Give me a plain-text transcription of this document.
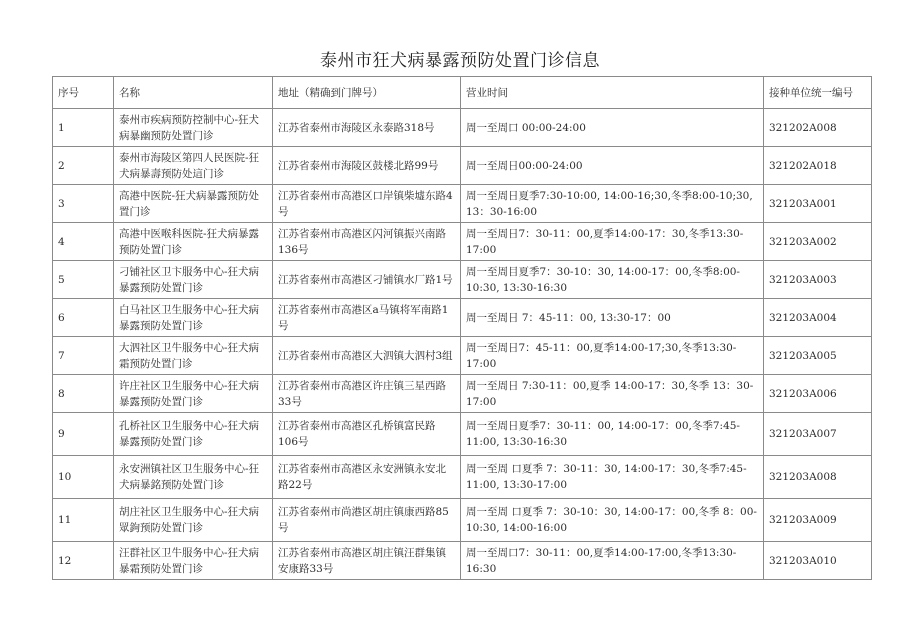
泰州市狂犬病暴露预防处置门诊信息
序号	名称	地址（精确到门牌号）	营业时间	接种单位统一编号
1	泰州市疾病预防控制中心-狂犬病暴幽预防处置门诊	江苏省泰州市海陵区永泰路318号	周一至周口 00:00-24:00	321202A008
2	泰州市海陵区第四人民医院-狂犬病暴壽预防处這门诊	江苏省泰州市海陵区鼓楼北路99号	周一至周日00:00-24:00	321202A018
3	高港中医院-狂犬病暴露预防处置门诊	江苏省泰州市高港区口岸镇柴墟东路4号	周一至周日夏季7:30-10:00, 14:00-16;30,冬季8:00-10;30, 13：30-16:00	321203A001
4	高港中医喉科医院-狂犬病暴露预防处置门诊	江苏省泰州市高港区闪河镇振兴南路136号	周一至周日7：30-11：00,夏季14:00-17：30,冬季13:30-17:00	321203A002
5	刁铺社区卫卞服务中心-狂犬病暴露预防处置门诊	江苏省泰州市高港区刁铺镇水厂路1号	周一至周目夏季7：30-10：30, 14:00-17：00,冬季8:00-10:30, 13:30-16:30	321203A003
6	白马社区卫生服务中心-狂犬病暴露预防处置门诊	江苏省泰州市高港区a马镇将军南路1号	周一至周日 7：45-11：00, 13:30-17：00	321203A004
7	大泗社区卫牛服务中心-狂犬病霜预防处置门诊	江苏省泰州市高港区大泗镇大泗村3组	周一至周日7：45-11：00,夏季14:00-17;30,冬季13:30-17:00	321203A005
8	许庄社区卫生服务中心-狂犬病暴露预防处置门诊	江苏省泰州市高港区许庄镇三星西路33号	周一至周日 7:30-11：00,夏季 14:00-17：30,冬季 13：30-17:00	321203A006
9	孔桥社区卫生服务中心-狂犬病暴露预防处置门诊	江苏省泰州市高港区孔桥镇富民路106号	周一至周日夏季7：30-11：00, 14:00-17：00,冬季7:45-11:00, 13:30-16:30	321203A007
10	永安洲镇社区卫生服务中心-狂犬病暴銘预防处置门诊	江苏省泰州市高港区永安洲镇永安北路22号	周一至周 口夏季 7：30-11：30, 14:00-17：30,冬季7:45-11:00, 13:30-17:00	321203A008
11	胡庄社区卫生服务中心-狂犬病眾鉤预防处置门诊	江苏省泰州市尚港区胡庄镇康西路85号	周一至周 口夏季 7：30-10：30, 14:00-17：00,冬季 8：00-10:30, 14:00-16:00	321203A009
12	汪群社区卫牛服务中心-狂犬病暴霜预防处置门诊	江苏省泰州市高港区胡庄镇汪群集镇安康路33号	周一至周口7：30-11：00,夏季14:00-17:00,冬季13:30-16:30	321203A010
